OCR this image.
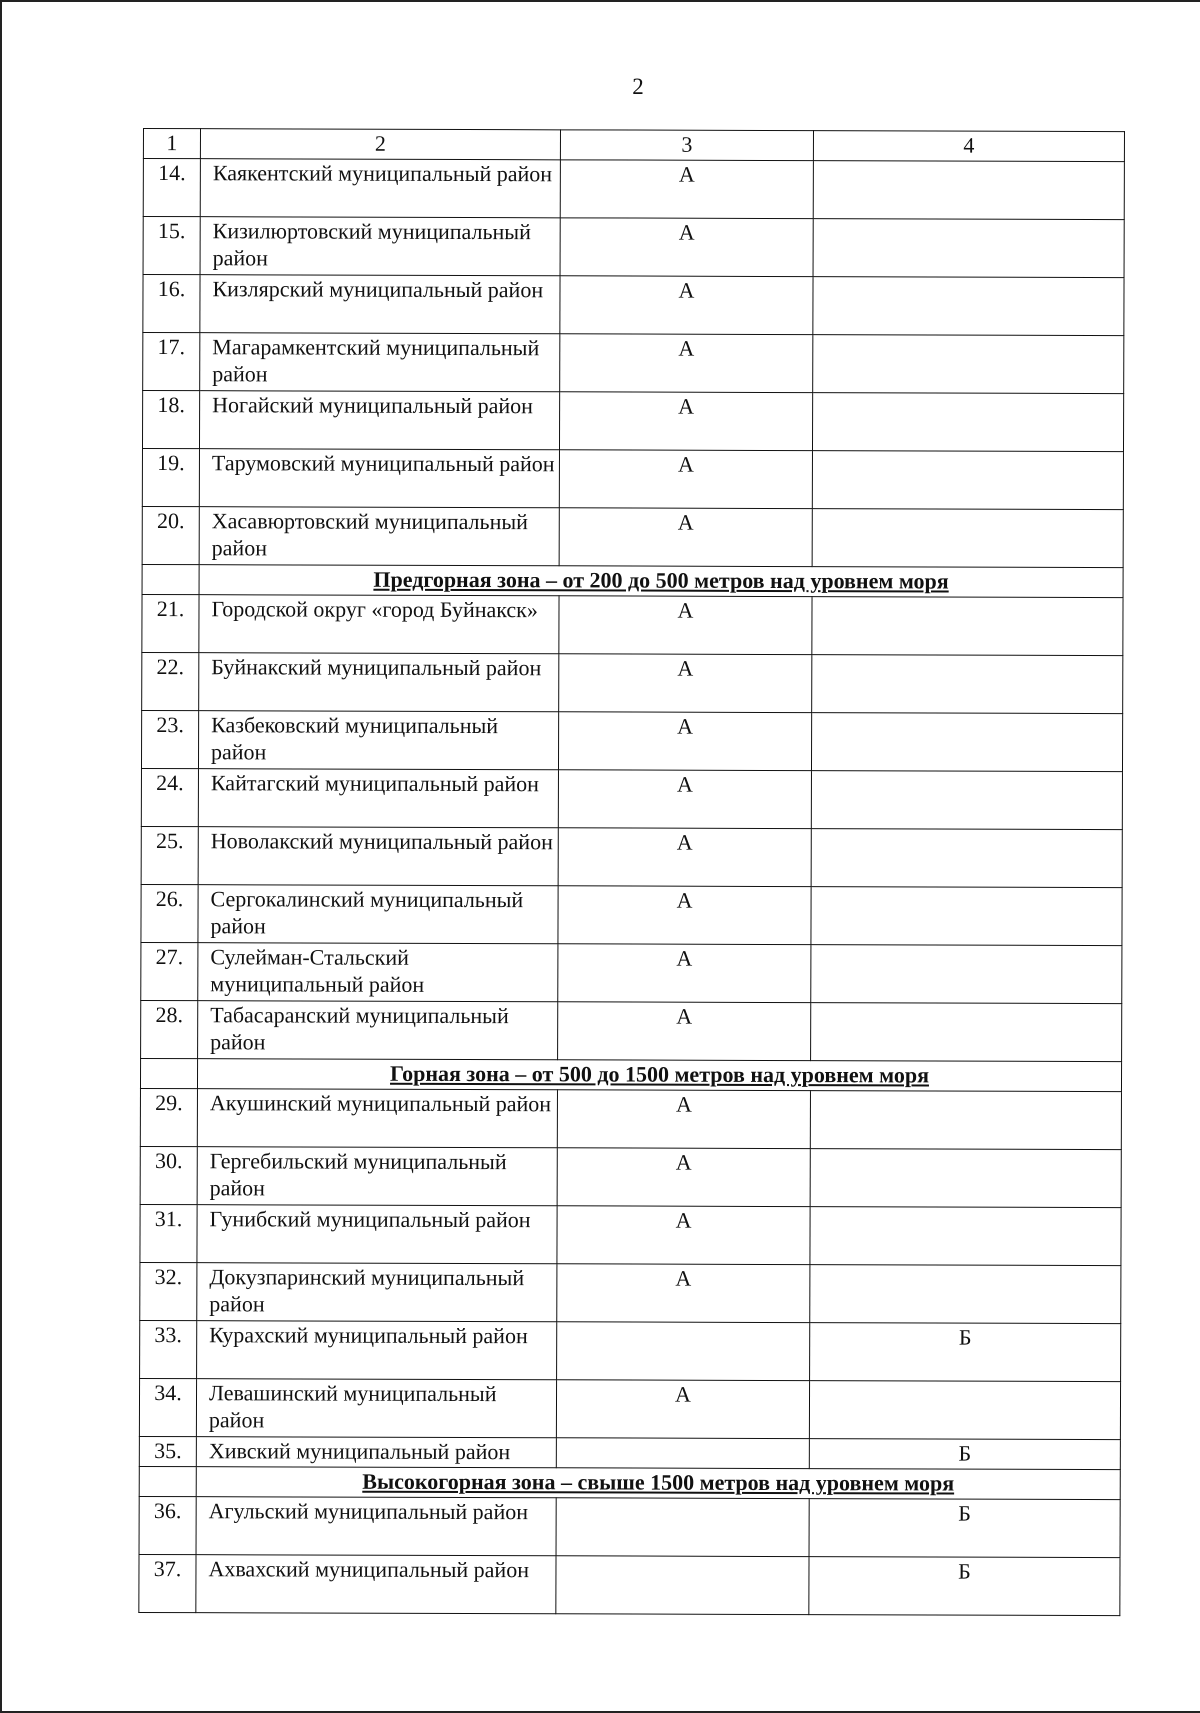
2
1	2	3	4
14.	Каякентский муниципальный район	А	
15.	Кизилюртовский муниципальный район	А	
16.	Кизлярский муниципальный район	А	
17.	Магарамкентский муниципальный район	А	
18.	Ногайский муниципальный район	А	
19.	Тарумовский муниципальный район	А	
20.	Хасавюртовский муниципальный район	А	
	Предгорная зона – от 200 до 500 метров над уровнем моря		
21.	Городской округ «город Буйнакск»	А	
22.	Буйнакский муниципальный район	А	
23.	Казбековский муниципальный район	А	
24.	Кайтагский муниципальный район	А	
25.	Новолакский муниципальный район	А	
26.	Сергокалинский муниципальный район	А	
27.	Сулейман-Стальский муниципальный район	А	
28.	Табасаранский муниципальный район	А	
	Горная зона – от 500 до 1500 метров над уровнем моря		
29.	Акушинский муниципальный район	А	
30.	Гергебильский муниципальный район	А	
31.	Гунибский муниципальный район	А	
32.	Докузпаринский муниципальный район	А	
33.	Курахский муниципальный район		Б
34.	Левашинский муниципальный район	А	
35.	Хивский муниципальный район		Б
	Высокогорная зона – свыше 1500 метров над уровнем моря		
36.	Агульский муниципальный район		Б
37.	Ахвахский муниципальный район		Б
